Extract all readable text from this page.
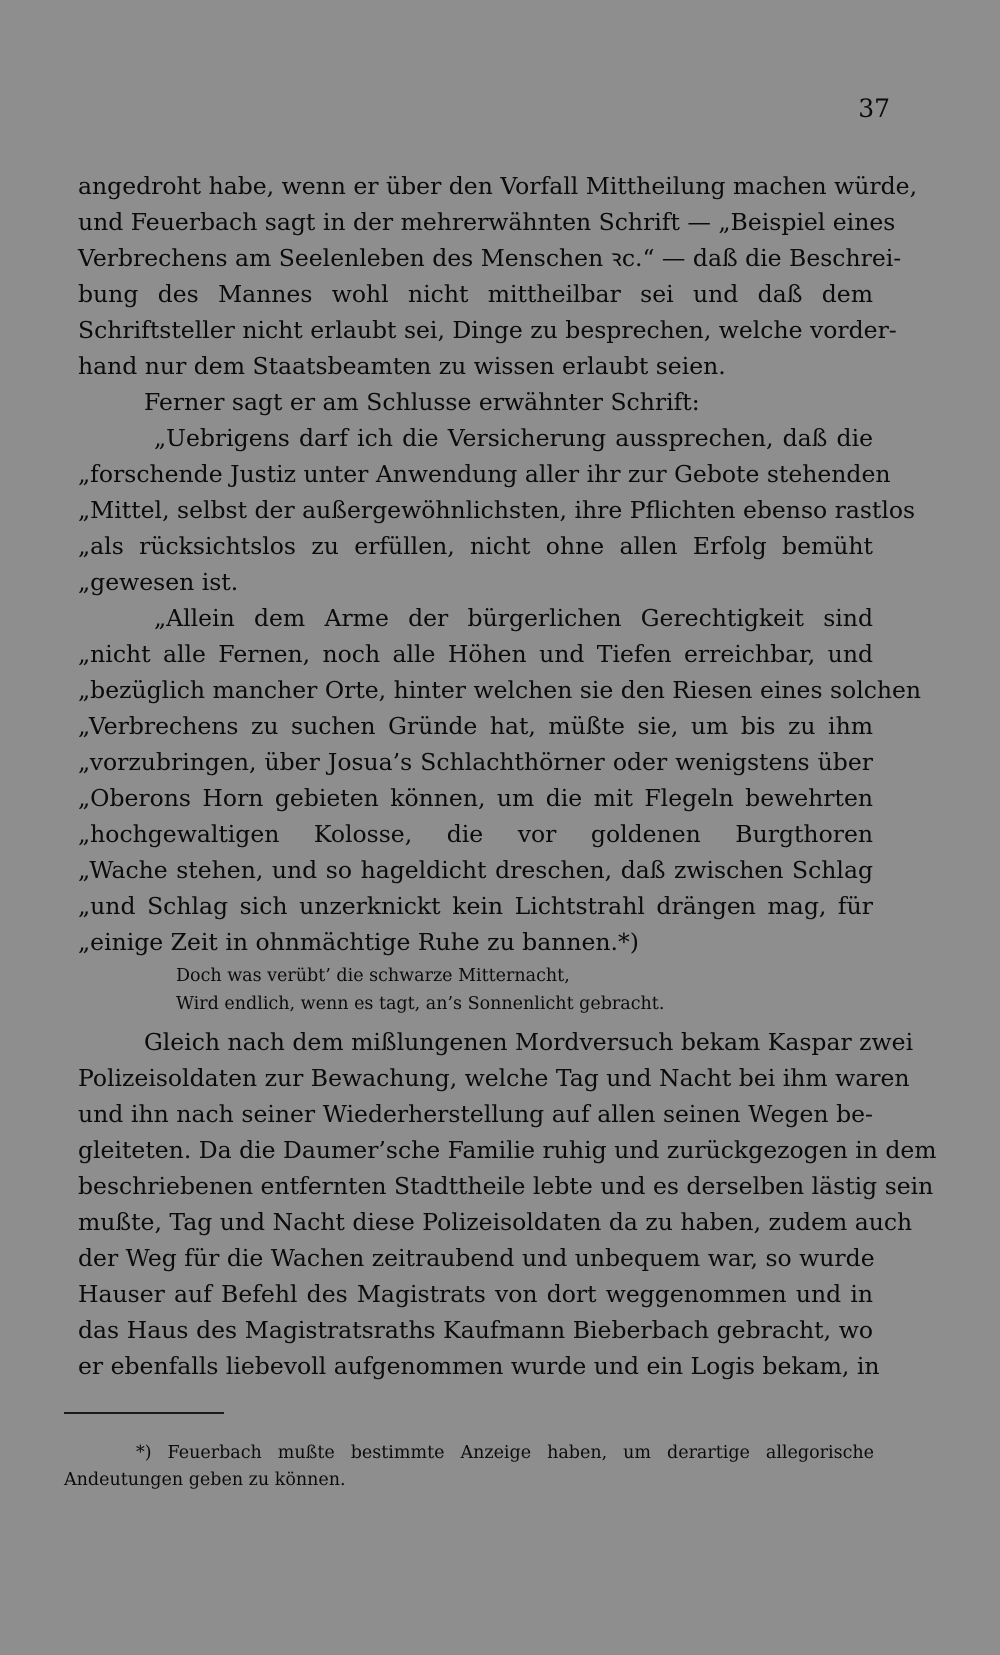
37
angedroht habe, wenn er über den Vorfall Mittheilung machen würde,
und Feuerbach sagt in der mehrerwähnten Schrift — „Beispiel eines
Verbrechens am Seelenleben des Menschen ꝛc.“ — daß die Beschrei-
bung des Mannes wohl nicht mittheilbar sei und daß dem
Schriftsteller nicht erlaubt sei, Dinge zu besprechen, welche vorder-
hand nur dem Staatsbeamten zu wissen erlaubt seien.
Ferner sagt er am Schlusse erwähnter Schrift:
„Uebrigens darf ich die Versicherung aussprechen, daß die
„forschende Justiz unter Anwendung aller ihr zur Gebote stehenden
„Mittel, selbst der außergewöhnlichsten, ihre Pflichten ebenso rastlos
„als rücksichtslos zu erfüllen, nicht ohne allen Erfolg bemüht
„gewesen ist.
„Allein dem Arme der bürgerlichen Gerechtigkeit sind
„nicht alle Fernen, noch alle Höhen und Tiefen erreichbar, und
„bezüglich mancher Orte, hinter welchen sie den Riesen eines solchen
„Verbrechens zu suchen Gründe hat, müßte sie, um bis zu ihm
„vorzubringen, über Josua’s Schlachthörner oder wenigstens über
„Oberons Horn gebieten können, um die mit Flegeln bewehrten
„hochgewaltigen Kolosse, die vor goldenen Burgthoren
„Wache stehen, und so hageldicht dreschen, daß zwischen Schlag
„und Schlag sich unzerknickt kein Lichtstrahl drängen mag, für
„einige Zeit in ohnmächtige Ruhe zu bannen.*)
Doch was verübt’ die schwarze Mitternacht,
Wird endlich, wenn es tagt, an’s Sonnenlicht gebracht.
Gleich nach dem mißlungenen Mordversuch bekam Kaspar zwei
Polizeisoldaten zur Bewachung, welche Tag und Nacht bei ihm waren
und ihn nach seiner Wiederherstellung auf allen seinen Wegen be-
gleiteten. Da die Daumer’sche Familie ruhig und zurückgezogen in dem
beschriebenen entfernten Stadttheile lebte und es derselben lästig sein
mußte, Tag und Nacht diese Polizeisoldaten da zu haben, zudem auch
der Weg für die Wachen zeitraubend und unbequem war, so wurde
Hauser auf Befehl des Magistrats von dort weggenommen und in
das Haus des Magistratsraths Kaufmann Bieberbach gebracht, wo
er ebenfalls liebevoll aufgenommen wurde und ein Logis bekam, in
*) Feuerbach mußte bestimmte Anzeige haben, um derartige allegorische
Andeutungen geben zu können.
